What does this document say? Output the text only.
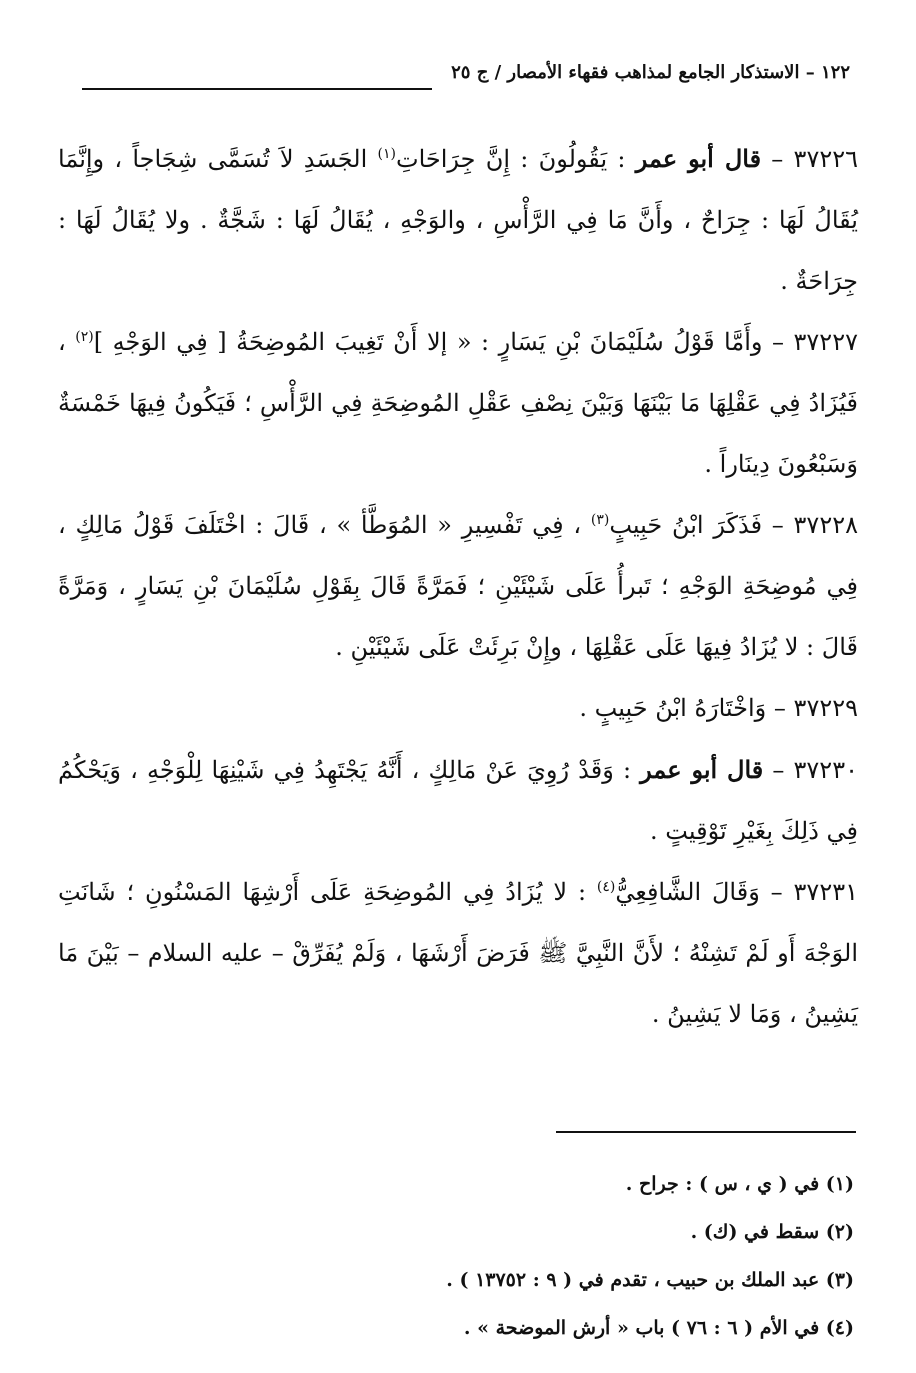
١٢٢ – الاستذكار الجامع لمذاهب فقهاء الأمصار / ج ٢٥

٣٧٢٢٦ – قال أبو عمر : يَقُولُونَ : إِنَّ جِرَاحَاتِ$^{(١)}$ الجَسَدِ لاَ تُسَمَّى شِجَاجاً ، وإِنَّمَا يُقَالُ لَهَا : جِرَاحٌ ، وأَنَّ مَا فِي الرَّأْسِ ، والوَجْهِ ، يُقَالُ لَهَا : شَجَّةٌ . ولا يُقَالُ لَهَا : جِرَاحَةٌ .

٣٧٢٢٧ – وأَمَّا قَوْلُ سُلَيْمَانَ بْنِ يَسَارٍ : « إلا أَنْ تَغِيبَ المُوضِحَةُ [ فِي الوَجْهِ ]$^{(٢)}$ ، فَيُزَادُ فِي عَقْلِهَا مَا بَيْنَهَا وَبَيْنَ نِصْفِ عَقْلِ المُوضِحَةِ فِي الرَّأْسِ ؛ فَيَكُونُ فِيهَا خَمْسَةٌ وَسَبْعُونَ دِينَاراً .

٣٧٢٢٨ – فَذَكَرَ ابْنُ حَبِيبٍ$^{(٣)}$ ، فِي تَفْسِيرِ « المُوَطَّأ » ، قَالَ : اخْتَلَفَ قَوْلُ مَالِكٍ ، فِي مُوضِحَةِ الوَجْهِ ؛ تَبرأُ عَلَى شَيْئَيْنِ ؛ فَمَرَّةً قَالَ بِقَوْلِ سُلَيْمَانَ بْنِ يَسَارٍ ، وَمَرَّةً قَالَ : لا يُزَادُ فِيهَا عَلَى عَقْلِهَا ، وإِنْ بَرِئَتْ عَلَى شَيْئَيْنِ .

٣٧٢٢٩ – وَاخْتَارَهُ ابْنُ حَبِيبٍ .

٣٧٢٣٠ – قال أبو عمر : وَقَدْ رُوِيَ عَنْ مَالِكٍ ، أَنَّهُ يَجْتَهِدُ فِي شَيْنِهَا لِلْوَجْهِ ، وَيَحْكُمُ فِي ذَلِكَ بِغَيْرِ تَوْقِيتٍ .

٣٧٢٣١ – وَقَالَ الشَّافِعِيُّ$^{(٤)}$ : لا يُزَادُ فِي المُوضِحَةِ عَلَى أَرْشِهَا المَسْنُونِ ؛ شَانَتِ الوَجْهَ أَو لَمْ تَشِنْهُ ؛ لأَنَّ النَّبِيَّ ﷺ فَرَضَ أَرْشَهَا ، وَلَمْ يُفَرِّقْ – عليه السلام – بَيْنَ مَا يَشِينُ ، وَمَا لا يَشِينُ .

(١) في ( ي ، س ) : جراح .

(٢) سقط في (ك) .

(٣) عبد الملك بن حبيب ، تقدم في ( ٩ : ١٣٧٥٢ ) .

(٤) في الأم ( ٦ : ٧٦ ) باب « أرش الموضحة » .
